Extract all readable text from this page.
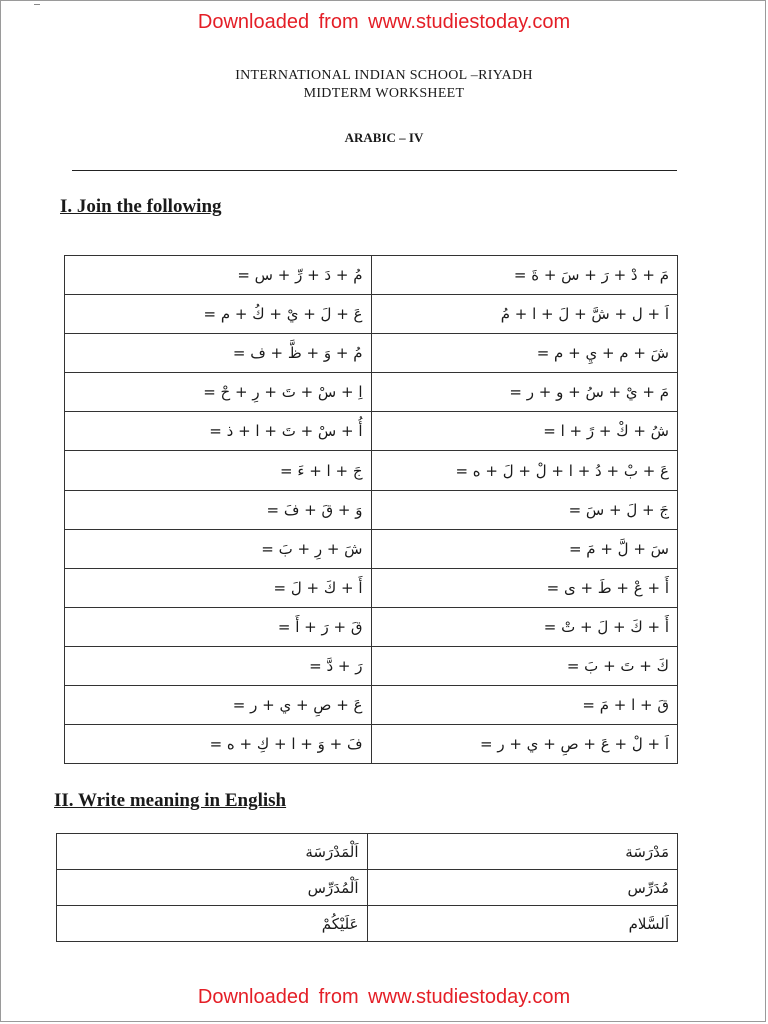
Downloaded from www.studiestoday.com
INTERNATIONAL INDIAN SCHOOL –RIYADH
MIDTERM WORKSHEET
ARABIC – IV
I. Join the following
مُ + دَ + رِّ + س =	مَ + دْ + رَ + سَ + ةَ =
عَ + لَ + يْ + كُ + م =	اَ + ل + شَّ + لَ + ا + مُ
مُ + وَ + ظَّ + ف =	شَ + م + يِ + م =
اِ + سْ + تَ + رِ + حْ =	مَ + يْ + سُ + و + ر =
أُ + سْ + تَ + ا + ذ =	شُ + كْ + رً + ا =
جَ + ا + ءَ =	عَ + بْ + دُ + ا + لْ + لَ + ه =
وَ + قَ + فَ =	جَ + لَ + سَ =
شَ + رِ + بَ =	سَ + لَّ + مَ =
أَ + كَ + لَ =	أَ + عْ + طَ + ى =
قَ + رَ + أَ =	أَ + كَ + لَ + تْ =
رَ + دَّ =	كَ + تَ + بَ =
عَ + صِ + ي + ر =	قَ + ا + مَ =
فَ + وَ + ا + كِ + ه =	اَ + لْ + عَ + صِ + ي + ر =
II. Write meaning in English
اَلْمَدْرَسَة	مَدْرَسَة
اَلْمُدَرِّس	مُدَرِّس
عَلَيْكُمْ	اَلسَّلام
Downloaded from www.studiestoday.com
